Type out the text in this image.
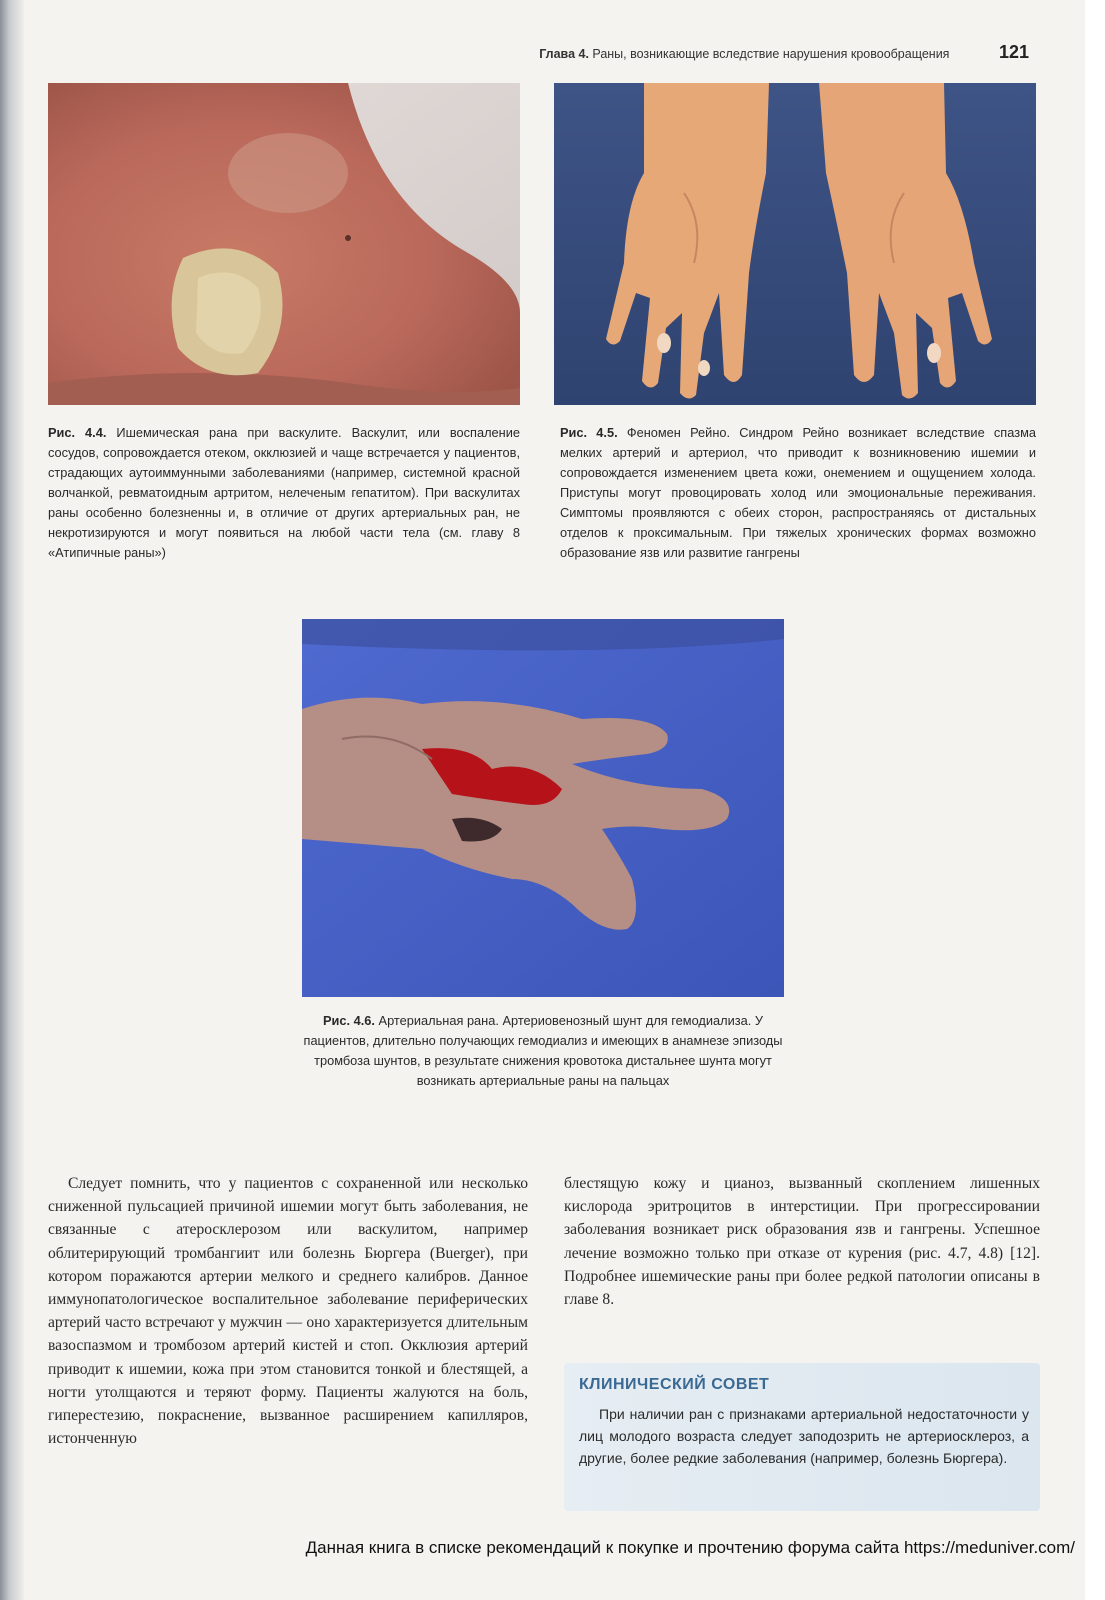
Глава 4. Раны, возникающие вследствие нарушения кровообращения	121
Рис. 4.4. Ишемическая рана при васкулите. Васкулит, или воспаление сосудов, сопровождается отеком, окклюзией и чаще встречается у пациентов, страдающих аутоиммунными заболеваниями (например, системной красной волчанкой, ревматоидным артритом, нелеченым гепатитом). При васкулитах раны особенно болезненны и, в отличие от других артериальных ран, не некротизируются и могут появиться на любой части тела (см. главу 8 «Атипичные раны»)
Рис. 4.5. Феномен Рейно. Синдром Рейно возникает вследствие спазма мелких артерий и артериол, что приводит к возникновению ишемии и сопровождается изменением цвета кожи, онемением и ощущением холода. Приступы могут провоцировать холод или эмоциональные переживания. Симптомы проявляются с обеих сторон, распространяясь от дистальных отделов к проксимальным. При тяжелых хронических формах возможно образование язв или развитие гангрены
Рис. 4.6. Артериальная рана. Артериовенозный шунт для гемодиализа. У пациентов, длительно получающих гемодиализ и имеющих в анамнезе эпизоды тромбоза шунтов, в результате снижения кровотока дистальнее шунта могут возникать артериальные раны на пальцах

Следует помнить, что у пациентов с сохраненной или несколько сниженной пульсацией причиной ишемии могут быть заболевания, не связанные с атеросклерозом или васкулитом, например облитерирующий тромбангиит или болезнь Бюргера (Buerger), при котором поражаются артерии мелкого и среднего калибров. Данное иммунопатологическое воспалительное заболевание периферических артерий часто встречают у мужчин — оно характеризуется длительным вазоспазмом и тромбозом артерий кистей и стоп. Окклюзия артерий приводит к ишемии, кожа при этом становится тонкой и блестящей, а ногти утолщаются и теряют форму. Пациенты жалуются на боль, гиперестезию, покраснение, вызванное расширением капилляров, истонченную

блестящую кожу и цианоз, вызванный скоплением лишенных кислорода эритроцитов в интерстиции. При прогрессировании заболевания возникает риск образования язв и гангрены. Успешное лечение возможно только при отказе от курения (рис. 4.7, 4.8) [12]. Подробнее ишемические раны при более редкой патологии описаны в главе 8.

КЛИНИЧЕСКИЙ СОВЕТ
При наличии ран с признаками артериальной недостаточности у лиц молодого возраста следует заподозрить не артериосклероз, а другие, более редкие заболевания (например, болезнь Бюргера).
Данная книга в списке рекомендаций к покупке и прочтению форума сайта https://meduniver.com/
